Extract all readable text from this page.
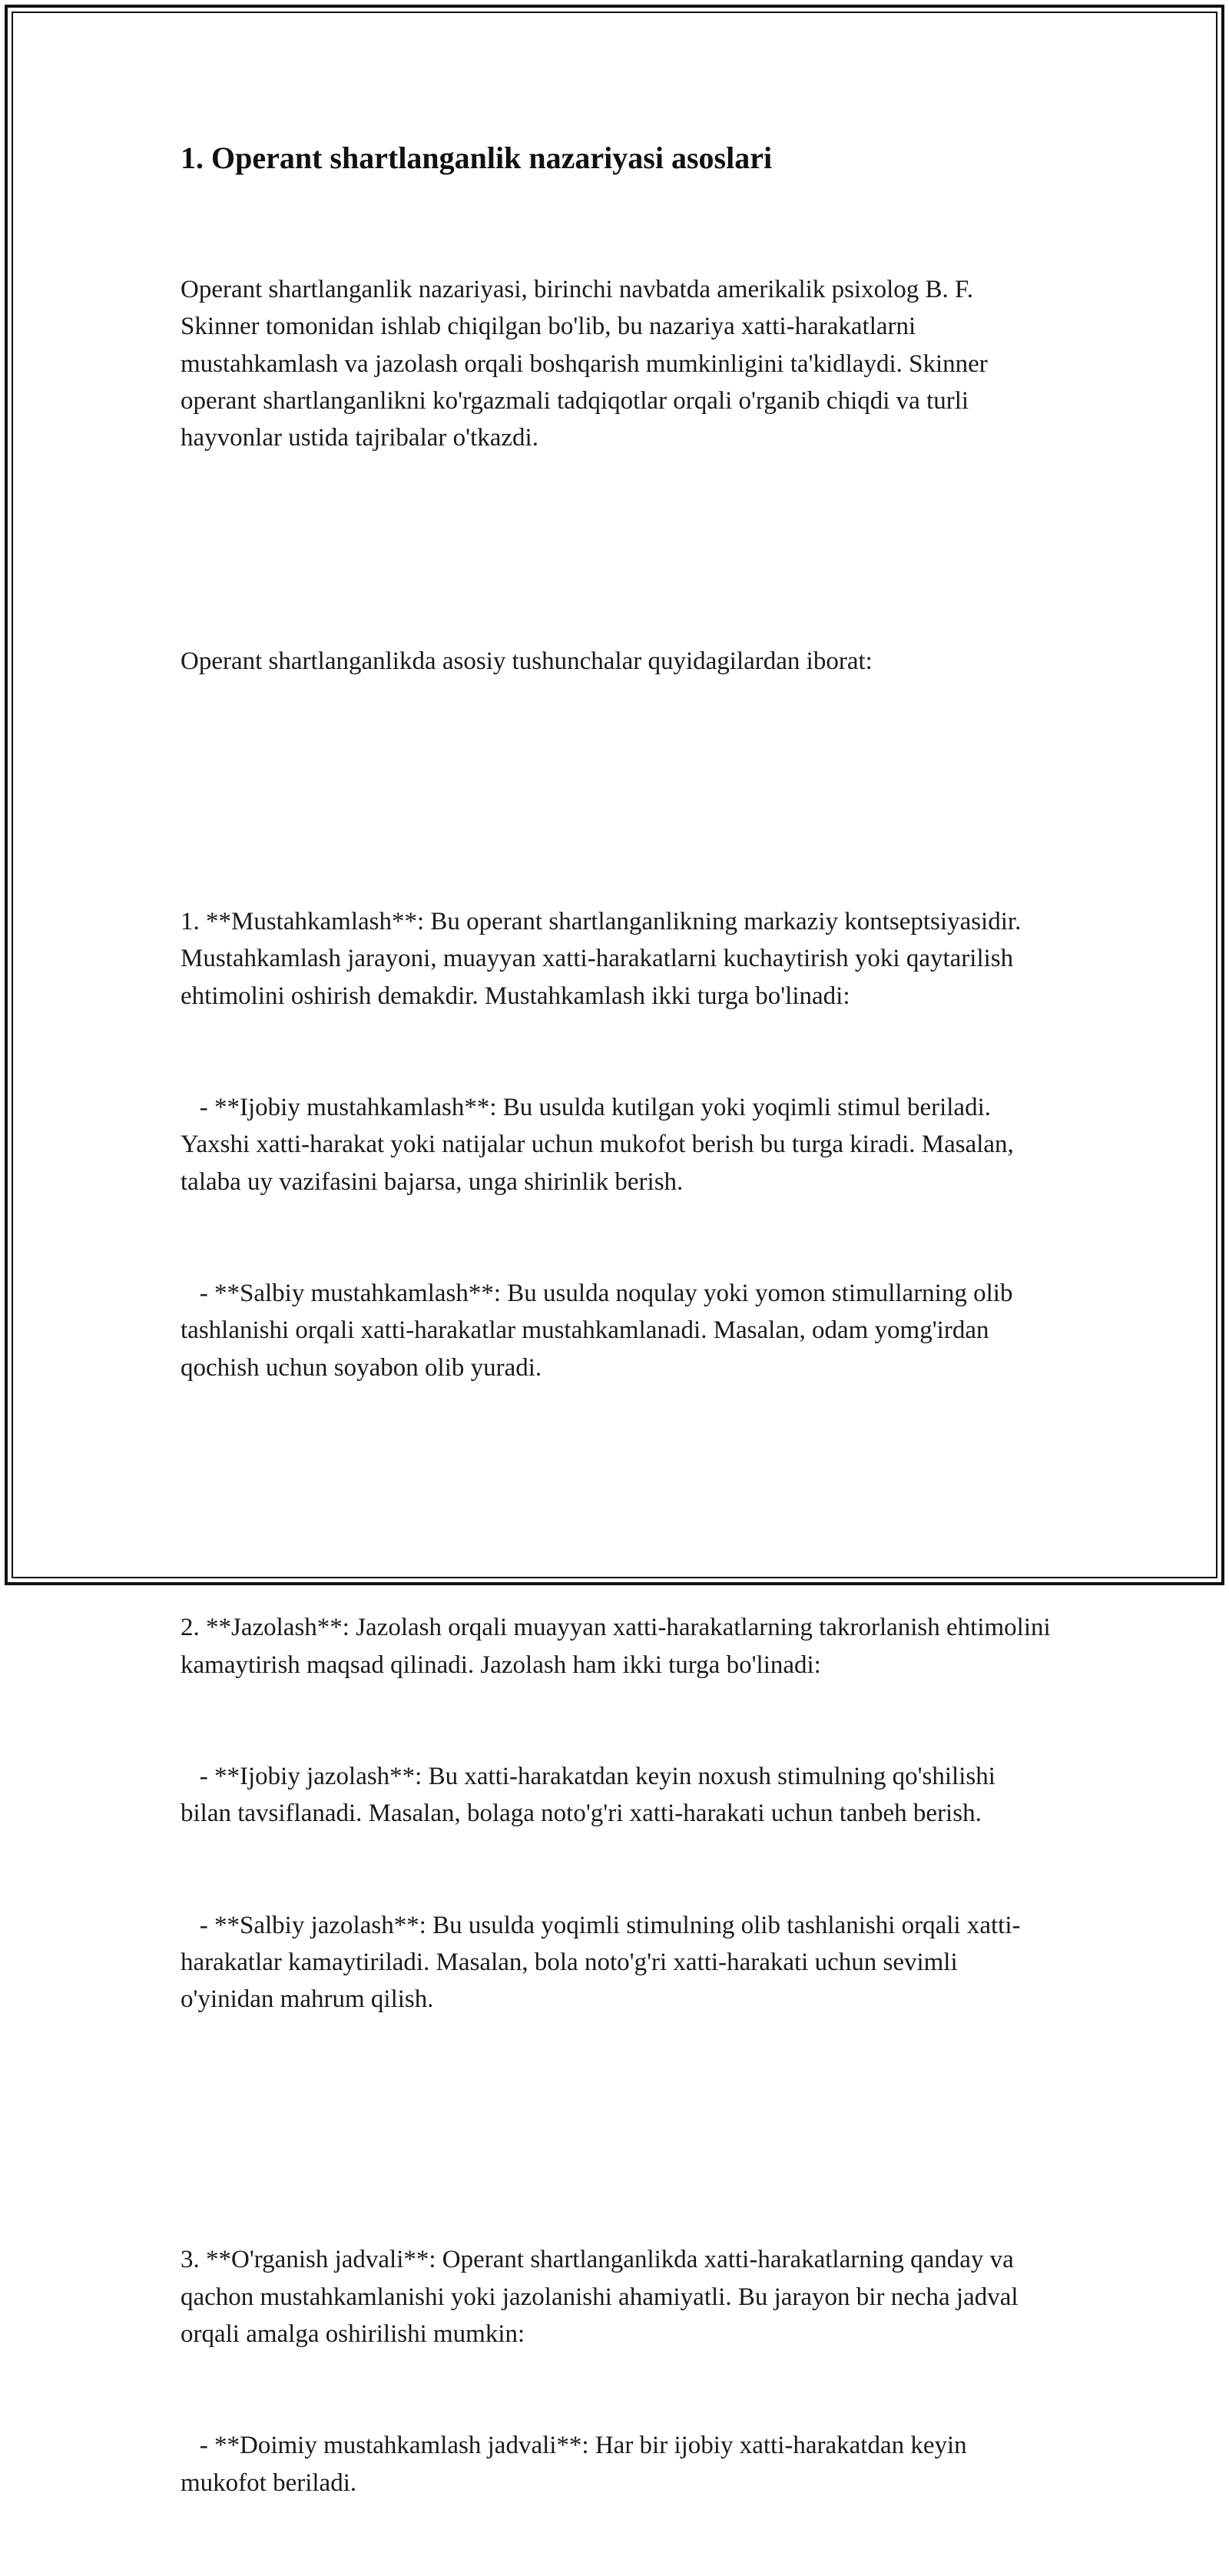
1. Operant shartlanganlik nazariyasi asoslari

Operant shartlanganlik nazariyasi, birinchi navbatda amerikalik psixolog B. F. Skinner tomonidan ishlab chiqilgan bo'lib, bu nazariya xatti-harakatlarni mustahkamlash va jazolash orqali boshqarish mumkinligini ta'kidlaydi. Skinner operant shartlanganlikni ko'rgazmali tadqiqotlar orqali o'rganib chiqdi va turli hayvonlar ustida tajribalar o'tkazdi.

Operant shartlanganlikda asosiy tushunchalar quyidagilardan iborat:

1. **Mustahkamlash**: Bu operant shartlanganlikning markaziy kontseptsiyasidir. Mustahkamlash jarayoni, muayyan xatti-harakatlarni kuchaytirish yoki qaytarilish ehtimolini oshirish demakdir. Mustahkamlash ikki turga bo'linadi:

- **Ijobiy mustahkamlash**: Bu usulda kutilgan yoki yoqimli stimul beriladi. Yaxshi xatti-harakat yoki natijalar uchun mukofot berish bu turga kiradi. Masalan, talaba uy vazifasini bajarsa, unga shirinlik berish.

- **Salbiy mustahkamlash**: Bu usulda noqulay yoki yomon stimullarning olib tashlanishi orqali xatti-harakatlar mustahkamlanadi. Masalan, odam yomg'irdan qochish uchun soyabon olib yuradi.

2. **Jazolash**: Jazolash orqali muayyan xatti-harakatlarning takrorlanish ehtimolini kamaytirish maqsad qilinadi. Jazolash ham ikki turga bo'linadi:

- **Ijobiy jazolash**: Bu xatti-harakatdan keyin noxush stimulning qo'shilishi bilan tavsiflanadi. Masalan, bolaga noto'g'ri xatti-harakati uchun tanbeh berish.

- **Salbiy jazolash**: Bu usulda yoqimli stimulning olib tashlanishi orqali xatti-harakatlar kamaytiriladi. Masalan, bola noto'g'ri xatti-harakati uchun sevimli o'yinidan mahrum qilish.

3. **O'rganish jadvali**: Operant shartlanganlikda xatti-harakatlarning qanday va qachon mustahkamlanishi yoki jazolanishi ahamiyatli. Bu jarayon bir necha jadval orqali amalga oshirilishi mumkin:

- **Doimiy mustahkamlash jadvali**: Har bir ijobiy xatti-harakatdan keyin mukofot beriladi.
